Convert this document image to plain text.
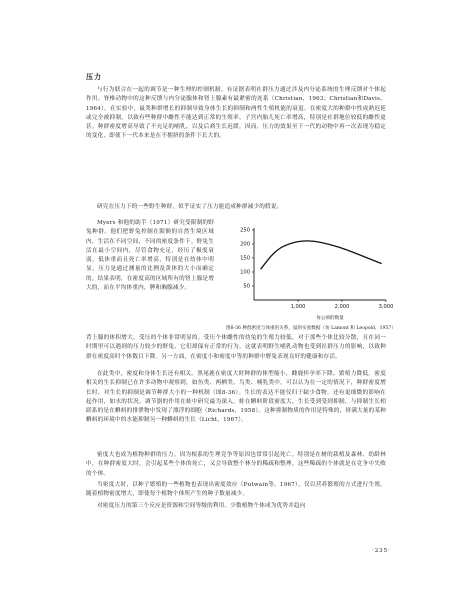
压力

与行为联合在一起的调节是一种生理的控制机制。有证据表明社群压力通过涉及内分泌系统的生理反馈对个体起作用。脊椎动物中的这种反馈与内分泌腺体和肾上腺素有最紧密的连系（Christian，1963；Christian和Davis，1964）。在实验中，鼠类种群增长的抑制导致身体生长的抑制和两性生殖机能的衰退。在密度大的种群中性成熟迟延或完全被抑制，以致有些种群中雌性不能达到正常的生殖率。子宫内胎儿死亡率增高，特别是社群地位较低的雌性更甚。种群密度增高导致了不充足的哺乳，以及后裔生长迟缓。因而，压力的效果至下一代的动物中再一次表现为稳定的变化，即使下一代本来是在不拥挤的条件下长大的。

研究在压力下的一些野生种群，似乎证实了压力能造成种群减少的假说。

Myers 和他的助手（1971）研究受限制的野兔种群。他们把野兔控制在限额的自然生境区域内，生活在不同空间、不同的密度条件下。野兔生活在最小空间内，尽管食物充足，经历了极度衰弱，低体重而且死亡率增高，特别是在幼体中明显。压力是通过测量的比例及黄体的大小而确定的。结果表明，在密度高的区域所有的肾上腺是增大的，而在平均体重内，脾和胸腺减少。	50
100
150
200
250
1,000	2,000	3,000
每公顷的数量
图8-36 种群密度与体重的关系，鼠的实验数据（仿 Lamont 和 Leopold，1957）

背上腺的体积增大，受压的个体非常明显的。受压个体雌性的幼兔的生殖力较低，对于那些个体比较分散，且在同一时期里可以遇到的压力较少的野兔，它们却保有正常的行为。这就表明野生哺乳动物也受到社群压力的影响，以致种群在密度高时个体数目下降。另一方面，在密度小和密度中等的种群中野兔表现良好的健康和存活。

在此类中，密度和身体生长还有相关。黑尾鹿在密度大时种群的体型缩小，雌鹿怀孕率下降，繁殖力降低。密度相关的生长抑制已在许多动物中观察到，如鱼类、两栖类、鸟类、哺乳类中，可以认为在一定的情况下，种群密度增长时，对生长的抑制是调节种群大小的一种机制（图8-36）。生长的表达不能仅归于缺少食物。还有更细微的影响在起作用，如水的状况。调节器的作用在蛙中研究最为深入，蛙在蝌蚪阶段密度大，生长受到受到抑制，与抑制生长相联系的是在蝌蚪的排泄物中发现了漂浮的细胞（Richards，1958）。这种抑制物质的作用是特殊的，挤满大量的某种蝌蚪的环境中的水能抑制另一种蝌蚪的生长（Licht，1967）。

密度大也成为植物种群的压力。因为根系的生理竞争等原因也常常引起死亡。特别是在树的栽植及森林、幼龄林中，在种群密度大时，会引起某些个体的死亡，又会导致整个林分的稀疏和整理。这些稀疏的个体就是在竞争中失败的个体。

当密度大时，以种子繁殖的一些植物也表现出密度效应（Putwain等，1967），仅以营养繁殖的方式进行生殖。随着植物密度增大，即使每个植物个体所产生的种子数量减少。

对密度压力的第三个反应是资源和空间等级的利用。少数植物个体成为优势并趋向

·235·
